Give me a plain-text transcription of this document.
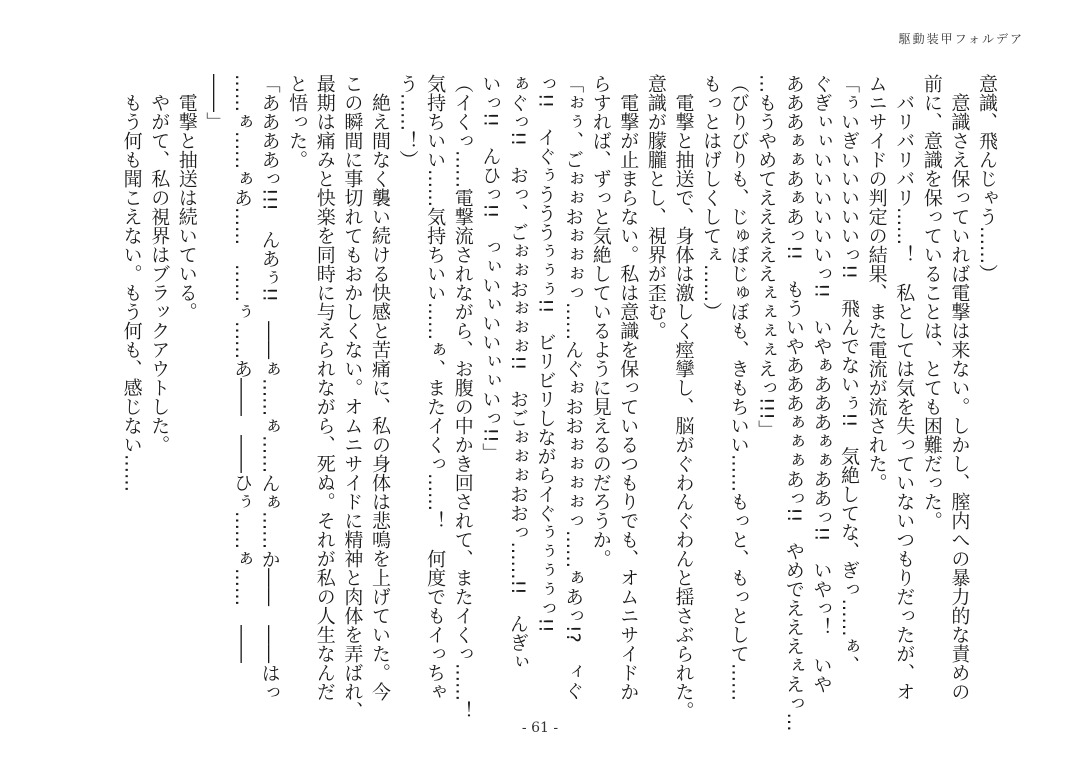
駆動装甲フォルデア
意識、飛んじゃう……）
　意識さえ保っていれば電撃は来ない。しかし、膣内への暴力的な責めの
前に、意識を保っていることは、とても困難だった。
　バリバリバリ……！　私としては気を失っていないつもりだったが、オ
ムニサイドの判定の結果、また電流が流された。
「ぅいぎいいいいいっ!!　飛んでないぅ!!　気絶してな、ぎっ……ぁ、
ぐぎぃぃいいいいいいっ!!　いやぁあああぁぁああっ!!　いやっ！　いや
あああぁぁあぁあっ!!　もういやあああぁぁぁあっ!!　やめでえええぇえっ…
…もうやめてえええええぇぇぇぇえっ!!!」
（びりびりも、じゅぼじゅぼも、きもちいい……もっと、もっとして……
もっとはげしくしてぇ……）
　電撃と抽送で、身体は激しく痙攣し、脳がぐわんぐわんと揺さぶられた。
意識が朦朧とし、視界が歪む。
　電撃が止まらない。私は意識を保っているつもりでも、オムニサイドか
らすれば、ずっと気絶しているように見えるのだろうか。
「ぉぅ、ごぉぉおぉぉぉっ……んぐぉおおぉぉぉぉっ……ぁあっ!?　ィぐ
っ!!　イぐぅうううぅぅぅ!!　ビリビリしながらイぐぅぅぅぅっ!!
ぁぐっ!!　おっ、ごぉぉおぉぉぉ!!　おごぉぉぉおおっ……!!　んぎぃ
いっ!!　んひっ!!　っぃいぃいいぃぃいっ!!」
（イくっ……電撃流されながら、お腹の中かき回されて、またイくっ……！
気持ちいい……気持ちいい……ぁ、またイくっ……！　何度でもイっちゃ
う……！）
　絶え間なく襲い続ける快感と苦痛に、私の身体は悲鳴を上げていた。今
この瞬間に事切れてもおかしくない。オムニサイドに精神と肉体を弄ばれ、
最期は痛みと快楽を同時に与えられながら、死ぬ。それが私の人生なんだ
と悟った。
「ああああっ!!!　んあぅ!!　――ぁ……ぁ……んぁ……か――　――はっ
……ぁ……ぁあ……　……ぅ……あ――　――ひぅ……ぁ……　――
――」
　電撃と抽送は続いている。
　やがて、私の視界はブラックアウトした。
　もう何も聞こえない。もう何も、感じない……
- 61 -
